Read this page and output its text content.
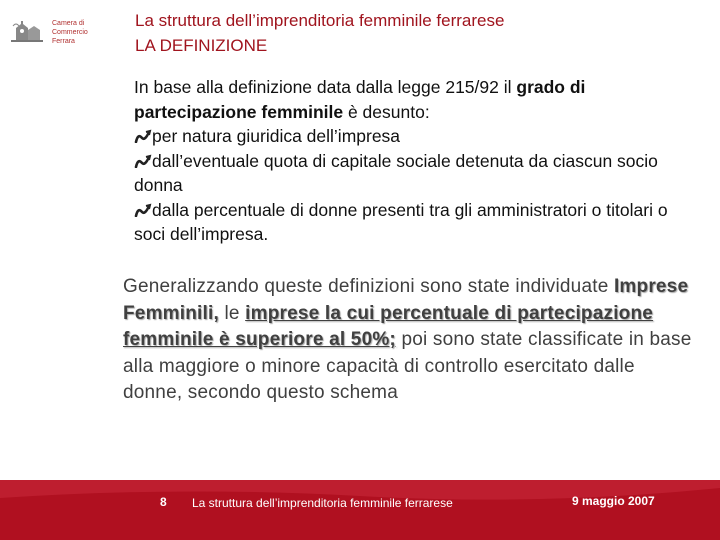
Camera di Commercio
Ferrara
La struttura dell’imprenditoria femminile ferrarese
LA DEFINIZIONE
In base alla definizione data dalla legge 215/92 il grado di partecipazione femminile è desunto:
per natura giuridica dell’impresa
dall’eventuale quota di capitale sociale detenuta da ciascun socio donna
dalla percentuale di donne presenti tra gli amministratori o titolari o soci dell’impresa.
Generalizzando queste definizioni sono state individuate Imprese Femminili, le imprese la cui percentuale di partecipazione femminile è superiore al 50%; poi sono state classificate in base alla maggiore o minore capacità di controllo esercitato dalle donne, secondo questo schema
8 La struttura dell’imprenditoria femminile ferrarese	9 maggio 2007
